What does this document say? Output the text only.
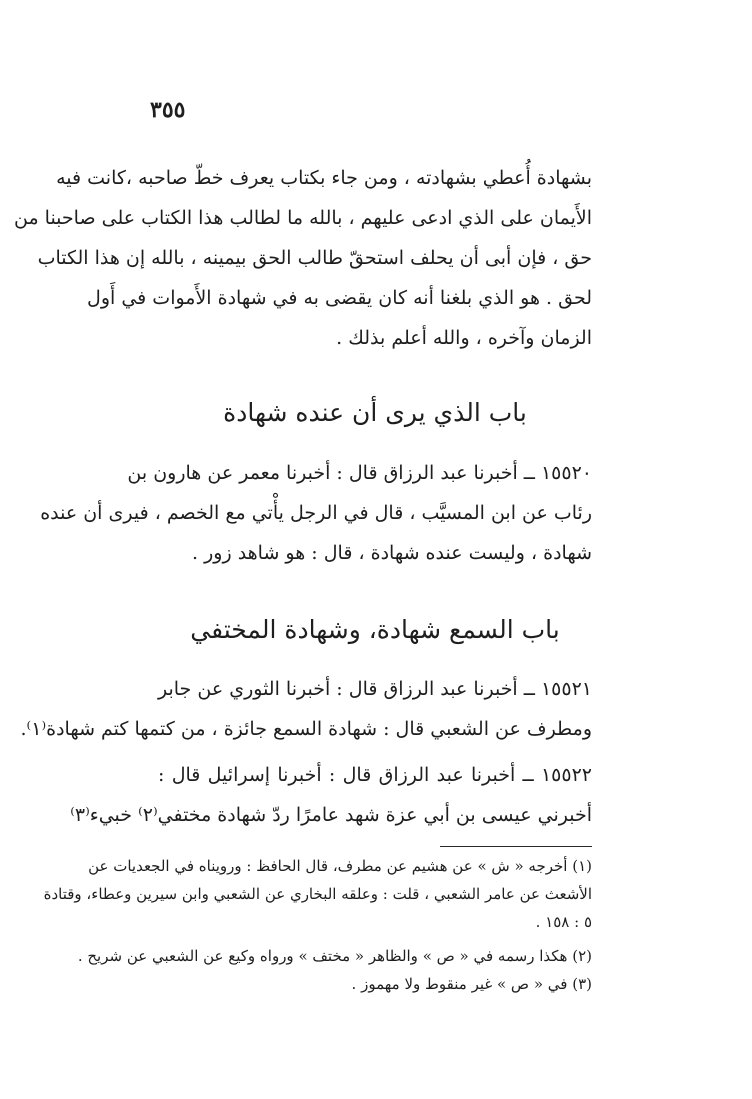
٣٥٥
بشهادة أُعطي بشهادته ، ومن جاء بكتاب يعرف خطّ صاحبه ،كانت فيه
الأَيمان على الذي ادعى عليهم ، بالله ما لطالب هذا الكتاب على صاحبنا من
حق ، فإن أبى أن يحلف استحقّ طالب الحق بيمينه ، بالله إن هذا الكتاب
لحق . هو الذي بلغنا أنه كان يقضى به في شهادة الأَموات في أَول
الزمان وآخره ، والله أعلم بذلك .
باب الذي يرى أن عنده شهادة
١٥٥٢٠ ــ أخبرنا عبد الرزاق قال : أخبرنا معمر عن هارون بن
رئاب عن ابن المسيَّب ، قال في الرجل يأْتي مع الخصم ، فيرى أن عنده
شهادة ، وليست عنده شهادة ، قال : هو شاهد زور .
باب السمع شهادة، وشهادة المختفي
١٥٥٢١ ــ أخبرنا عبد الرزاق قال : أخبرنا الثوري عن جابر
ومطرف عن الشعبي قال : شهادة السمع جائزة ، من كتمها كتم شهادة⁽١⁾.
١٥٥٢٢ ــ أخبرنا عبد الرزاق قال : أخبرنا إسرائيل قال :
أخبرني عيسى بن أبي عزة شهد عامرًا ردّ شهادة مختفي⁽٢⁾ خبيء⁽٣⁾
(١) أخرجه « ش » عن هشيم عن مطرف، قال الحافظ : ورويناه في الجعديات عن
الأشعث عن عامر الشعبي ، قلت : وعلقه البخاري عن الشعبي وابن سيرين وعطاء، وقتادة
٥ : ١٥٨ .
(٢) هكذا رسمه في « ص » والظاهر « مختف » ورواه وكيع عن الشعبي عن شريح .
(٣) في « ص » غير منقوط ولا مهموز .
